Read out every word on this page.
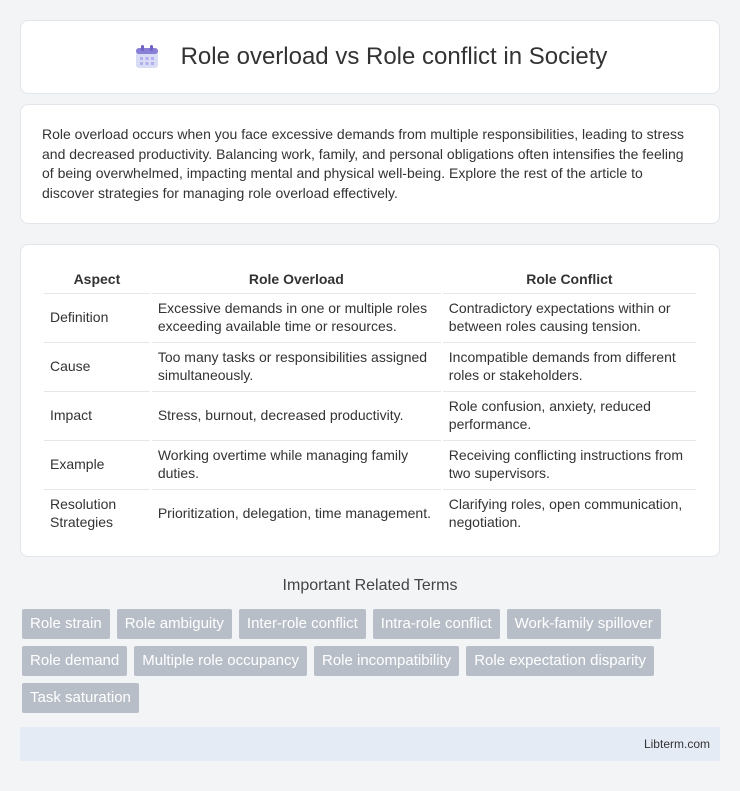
Role overload vs Role conflict in Society

Role overload occurs when you face excessive demands from multiple responsibilities, leading to stress and decreased productivity. Balancing work, family, and personal obligations often intensifies the feeling of being overwhelmed, impacting mental and physical well-being. Explore the rest of the article to discover strategies for managing role overload effectively.

Aspect	Role Overload	Role Conflict
Definition	Excessive demands in one or multiple roles exceeding available time or resources.	Contradictory expectations within or between roles causing tension.
Cause	Too many tasks or responsibilities assigned simultaneously.	Incompatible demands from different roles or stakeholders.
Impact	Stress, burnout, decreased productivity.	Role confusion, anxiety, reduced performance.
Example	Working overtime while managing family duties.	Receiving conflicting instructions from two supervisors.
Resolution Strategies	Prioritization, delegation, time management.	Clarifying roles, open communication, negotiation.
Important Related Terms
Role strain	Role ambiguity	Inter-role conflict	Intra-role conflict	Work-family spillover
Role demand	Multiple role occupancy	Role incompatibility	Role expectation disparity
Task saturation
Libterm.com
